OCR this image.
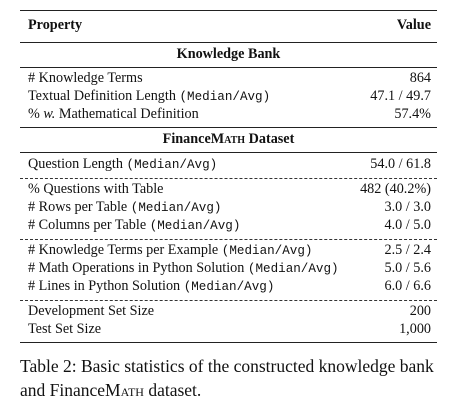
Property	Value
Knowledge Bank
# Knowledge Terms	864
Textual Definition Length (Median/Avg)	47.1 / 49.7
% w. Mathematical Definition	57.4%
FinanceMath Dataset
Question Length (Median/Avg)	54.0 / 61.8
% Questions with Table	482 (40.2%)
# Rows per Table (Median/Avg)	3.0 / 3.0
# Columns per Table (Median/Avg)	4.0 / 5.0
# Knowledge Terms per Example (Median/Avg)	2.5 / 2.4
# Math Operations in Python Solution (Median/Avg)	5.0 / 5.6
# Lines in Python Solution (Median/Avg)	6.0 / 6.6
Development Set Size	200
Test Set Size	1,000
Table 2: Basic statistics of the constructed knowledge bank and FinanceMath dataset.
